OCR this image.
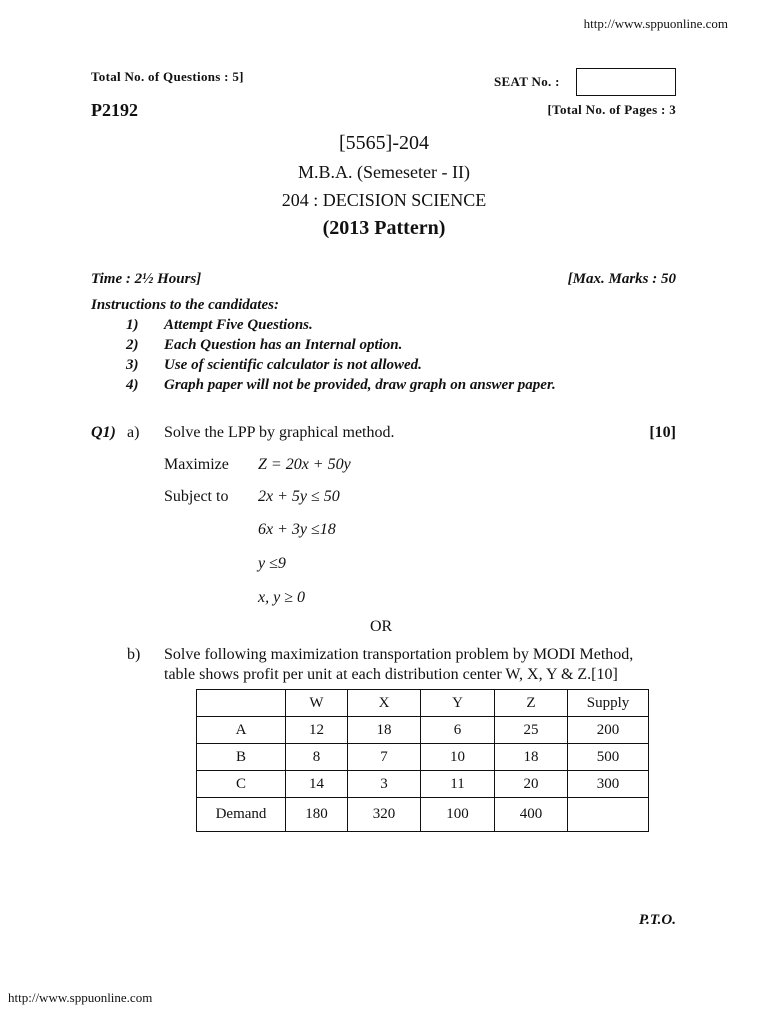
http://www.sppuonline.com
Total No. of Questions : 5]	SEAT No. :
P2192	[Total No. of Pages : 3
[5565]-204
M.B.A. (Semeseter - II)
204 : DECISION SCIENCE
(2013 Pattern)
Time : 2½ Hours]	[Max. Marks : 50
Instructions to the candidates:
1) Attempt Five Questions.
2) Each Question has an Internal option.
3) Use of scientific calculator is not allowed.
4) Graph paper will not be provided, draw graph on answer paper.
Q1) a) Solve the LPP by graphical method.	[10]
Maximize Z = 20x + 50y
Subject to 2x + 5y ≤ 50
6x + 3y ≤18
y ≤9
x, y ≥ 0
OR
b) Solve following maximization transportation problem by MODI Method,
table shows profit per unit at each distribution center W, X, Y & Z.[10]
	W	X	Y	Z	Supply
A	12	18	6	25	200
B	8	7	10	18	500
C	14	3	11	20	300
Demand	180	320	100	400	
P.T.O.
http://www.sppuonline.com
